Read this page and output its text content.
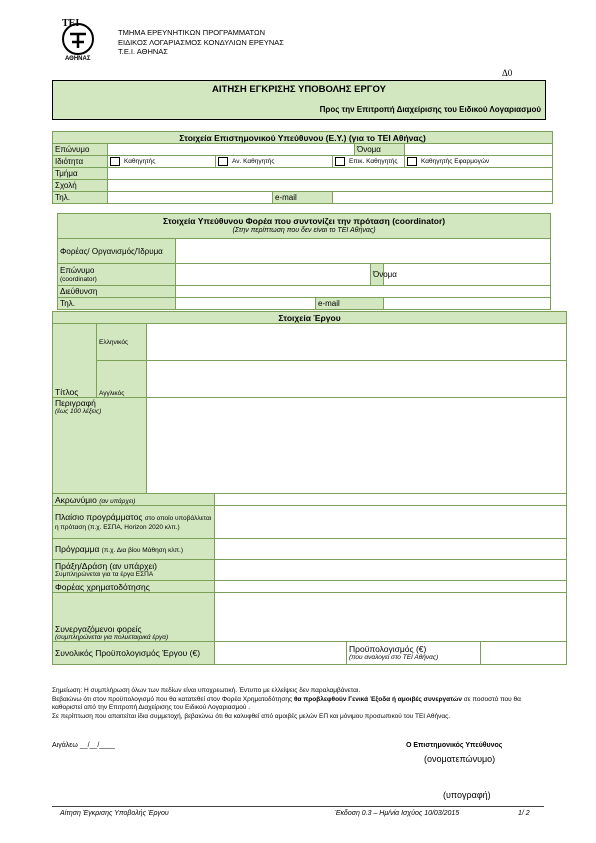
ΤΕΙ
ΑΘΗΝΑΣ
ΤΜΗΜΑ ΕΡΕΥΝΗΤΙΚΩΝ ΠΡΟΓΡΑΜΜΑΤΩΝ
ΕΙΔΙΚΟΣ ΛΟΓΑΡΙΑΣΜΟΣ ΚΟΝΔΥΛΙΩΝ ΕΡΕΥΝΑΣ
Τ.Ε.Ι. ΑΘΗΝΑΣ
Δ0
ΑΙΤΗΣΗ ΕΓΚΡΙΣΗΣ ΥΠΟΒΟΛΗΣ ΕΡΓΟΥ
Προς την Επιτροπή Διαχείρισης του Ειδικού Λογαριασμού
Στοιχεία Επιστημονικού Υπεύθυνου (Ε.Υ.) (για το ΤΕΙ Αθήνας)						
Επώνυμο					Όνομα	
Ιδιότητα	Καθηγητής	Αν. Καθηγητής		Επικ. Καθηγητής		Καθηγητής Εφαρμογών
Τμήμα						
Σχολή						
Τηλ.			e-mail			
Στοιχεία Υπεύθυνου Φορέα που συντονίζει την πρόταση (coordinator)
(Στην περίπτωση που δεν είναι το ΤΕΙ Αθήνας)				

Φορέας/ Οργανισμός/Ίδρυμα				

Επώνυμο
(coordinator)			Όνομα	
Διεύθυνση				
Τηλ.		e-mail		
Στοιχεία Έργου					
Τίτλος	Ελληνικός				
	Αγγλικός				

Περιγραφή
(έως 100 λέξεις)					

Ακρωνύμιο (αν υπάρχει)					
Πλαίσιο προγράμματος στο οποίο υποβάλλεται η πρόταση (π.χ. ΕΣΠΑ, Horizon 2020 κλπ.)					
Πρόγραμμα (π.χ. Δια βίου Μάθηση κλπ.)					

Πράξη/Δράση (αν υπάρχει)
Συμπληρώνεται για τα έργα ΕΣΠΑ					

Φορέας χρηματοδότησης					

Συνεργαζόμενοι φορείς
(συμπληρώνεται για πολυεταιρικά έργα)					

Συνολικός Προϋπολογισμός Έργου (€)				Προϋπολογισμός (€)
(που αναλογεί στο ΤΕΙ Αθήνας)	

Σημείωση: Η συμπλήρωση όλων των πεδίων είναι υποχρεωτική. Έντυπο με ελλείψεις δεν παραλαμβάνεται.
Βεβαιώνω ότι στον προϋπολογισμό που θα κατατεθεί στον Φορέα Χρηματοδότησης θα προβλεφθούν Γενικά Έξοδα ή αμοιβές συνεργατών σε ποσοστό που θα καθοριστεί από την Επιτροπή Διαχείρισης του Ειδικού Λογαριασμού .
Σε περίπτωση που απαιτείται ίδια συμμετοχή, βεβαιώνω ότι θα καλυφθεί από αμοιβές μελών ΕΠ και μόνιμου προσωπικού του ΤΕΙ Αθήνας.
Αιγάλεω __/__/____	Ο Επιστημονικός Υπεύθυνος
(ονοματεπώνυμο)
(υπογραφή)
Αίτηση Έγκρισης Υποβολής Έργου	Έκδοση 0.3 – Ημ/νία Ισχύος 10/03/2015	1/ 2
